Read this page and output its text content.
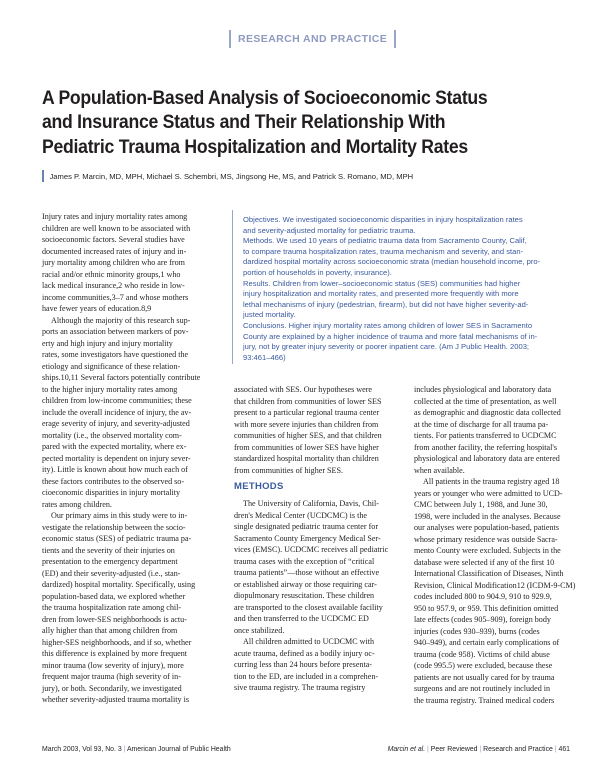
RESEARCH AND PRACTICE
A Population-Based Analysis of Socioeconomic Status
and Insurance Status and Their Relationship With
Pediatric Trauma Hospitalization and Mortality Rates
James P. Marcin, MD, MPH, Michael S. Schembri, MS, Jingsong He, MS, and Patrick S. Romano, MD, MPH
Injury rates and injury mortality rates among
children are well known to be associated with
socioeconomic factors. Several studies have
documented increased rates of injury and in-
jury mortality among children who are from
racial and/or ethnic minority groups,1 who
lack medical insurance,2 who reside in low-
income communities,3–7 and whose mothers
have fewer years of education.8,9
Although the majority of this research sup-
ports an association between markers of pov-
erty and high injury and injury mortality
rates, some investigators have questioned the
etiology and significance of these relation-
ships.10,11 Several factors potentially contribute
to the higher injury mortality rates among
children from low-income communities; these
include the overall incidence of injury, the av-
erage severity of injury, and severity-adjusted
mortality (i.e., the observed mortality com-
pared with the expected mortality, where ex-
pected mortality is dependent on injury sever-
ity). Little is known about how much each of
these factors contributes to the observed so-
cioeconomic disparities in injury mortality
rates among children.
Our primary aims in this study were to in-
vestigate the relationship between the socio-
economic status (SES) of pediatric trauma pa-
tients and the severity of their injuries on
presentation to the emergency department
(ED) and their severity-adjusted (i.e., stan-
dardized) hospital mortality. Specifically, using
population-based data, we explored whether
the trauma hospitalization rate among chil-
dren from lower-SES neighborhoods is actu-
ally higher than that among children from
higher-SES neighborhoods, and if so, whether
this difference is explained by more frequent
minor trauma (low severity of injury), more
frequent major trauma (high severity of in-
jury), or both. Secondarily, we investigated
whether severity-adjusted trauma mortality is
Objectives. We investigated socioeconomic disparities in injury hospitalization rates
and severity-adjusted mortality for pediatric trauma.
Methods. We used 10 years of pediatric trauma data from Sacramento County, Calif,
to compare trauma hospitalization rates, trauma mechanism and severity, and stan-
dardized hospital mortality across socioeconomic strata (median household income, pro-
portion of households in poverty, insurance).
Results. Children from lower–socioeconomic status (SES) communities had higher
injury hospitalization and mortality rates, and presented more frequently with more
lethal mechanisms of injury (pedestrian, firearm), but did not have higher severity-ad-
justed mortality.
Conclusions. Higher injury mortality rates among children of lower SES in Sacramento
County are explained by a higher incidence of trauma and more fatal mechanisms of in-
jury, not by greater injury severity or poorer inpatient care. (Am J Public Health. 2003;
93:461–466)
associated with SES. Our hypotheses were
that children from communities of lower SES
present to a particular regional trauma center
with more severe injuries than children from
communities of higher SES, and that children
from communities of lower SES have higher
standardized hospital mortality than children
from communities of higher SES.
METHODS
The University of California, Davis, Chil-
dren's Medical Center (UCDCMC) is the
single designated pediatric trauma center for
Sacramento County Emergency Medical Ser-
vices (EMSC). UCDCMC receives all pediatric
trauma cases with the exception of “critical
trauma patients”—those without an effective
or established airway or those requiring car-
diopulmonary resuscitation. These children
are transported to the closest available facility
and then transferred to the UCDCMC ED
once stabilized.
All children admitted to UCDCMC with
acute trauma, defined as a bodily injury oc-
curring less than 24 hours before presenta-
tion to the ED, are included in a comprehen-
sive trauma registry. The trauma registry
includes physiological and laboratory data
collected at the time of presentation, as well
as demographic and diagnostic data collected
at the time of discharge for all trauma pa-
tients. For patients transferred to UCDCMC
from another facility, the referring hospital's
physiological and laboratory data are entered
when available.
All patients in the trauma registry aged 18
years or younger who were admitted to UCD-
CMC between July 1, 1988, and June 30,
1998, were included in the analyses. Because
our analyses were population-based, patients
whose primary residence was outside Sacra-
mento County were excluded. Subjects in the
database were selected if any of the first 10
International Classification of Diseases, Ninth
Revision, Clinical Modification12 (ICDM-9-CM)
codes included 800 to 904.9, 910 to 929.9,
950 to 957.9, or 959. This definition omitted
late effects (codes 905–909), foreign body
injuries (codes 930–939), burns (codes
940–949), and certain early complications of
trauma (code 958). Victims of child abuse
(code 995.5) were excluded, because these
patients are not usually cared for by trauma
surgeons and are not routinely included in
the trauma registry. Trained medical coders
March 2003, Vol 93, No. 3 | American Journal of Public Health	Marcin et al. | Peer Reviewed | Research and Practice | 461
